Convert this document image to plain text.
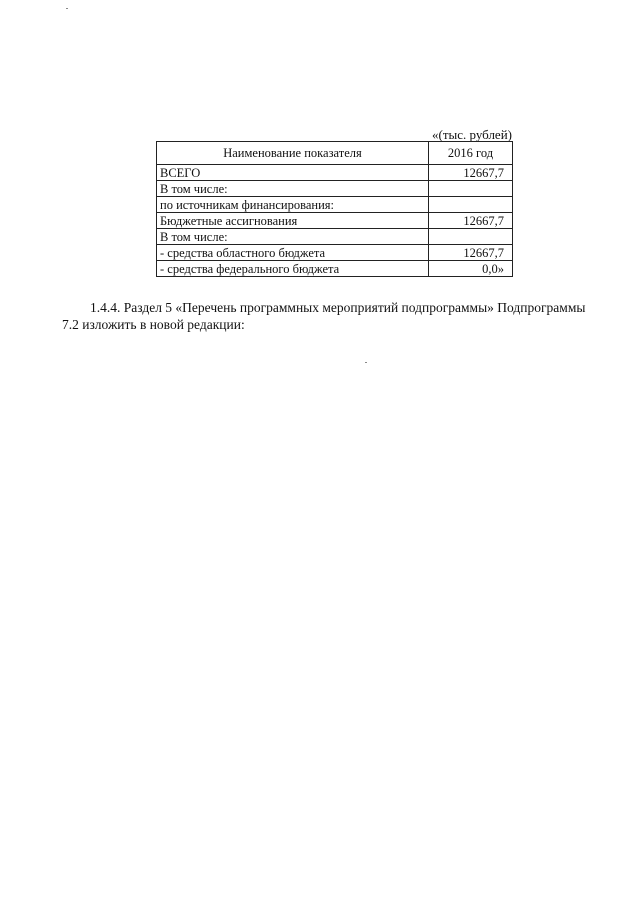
«(тыс. рублей)
Наименование показателя	2016 год
ВСЕГО	12667,7
В том числе:	
по источникам финансирования:	
Бюджетные ассигнования	12667,7
В том числе:	
- средства областного бюджета	12667,7
- средства федерального бюджета	0,0»

1.4.4. Раздел 5 «Перечень программных мероприятий подпрограммы» Подпрограммы
7.2 изложить в новой редакции:
